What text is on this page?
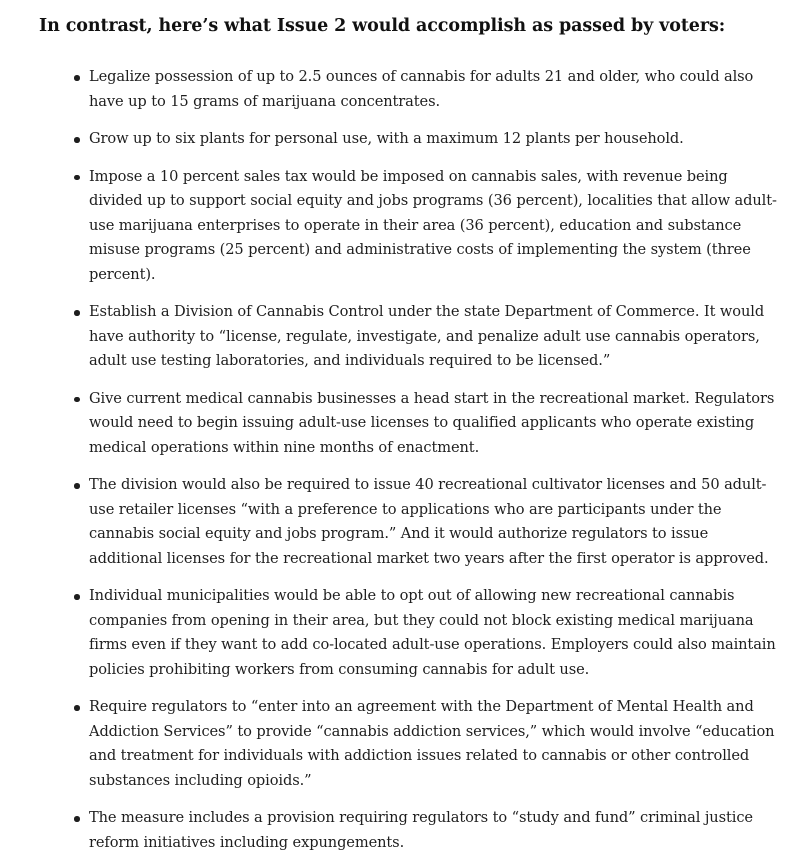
In contrast, here’s what Issue 2 would accomplish as passed by voters:
Legalize possession of up to 2.5 ounces of cannabis for adults 21 and older, who could also have up to 15 grams of marijuana concentrates.
Grow up to six plants for personal use, with a maximum 12 plants per household.
Impose a 10 percent sales tax would be imposed on cannabis sales, with revenue being divided up to support social equity and jobs programs (36 percent), localities that allow adult-use marijuana enterprises to operate in their area (36 percent), education and substance misuse programs (25 percent) and administrative costs of implementing the system (three percent).
Establish a Division of Cannabis Control under the state Department of Commerce. It would have authority to “license, regulate, investigate, and penalize adult use cannabis operators, adult use testing laboratories, and individuals required to be licensed.”
Give current medical cannabis businesses a head start in the recreational market. Regulators would need to begin issuing adult-use licenses to qualified applicants who operate existing medical operations within nine months of enactment.
The division would also be required to issue 40 recreational cultivator licenses and 50 adult-use retailer licenses “with a preference to applications who are participants under the cannabis social equity and jobs program.” And it would authorize regulators to issue additional licenses for the recreational market two years after the first operator is approved.
Individual municipalities would be able to opt out of allowing new recreational cannabis companies from opening in their area, but they could not block existing medical marijuana firms even if they want to add co-located adult-use operations. Employers could also maintain policies prohibiting workers from consuming cannabis for adult use.
Require regulators to “enter into an agreement with the Department of Mental Health and Addiction Services” to provide “cannabis addiction services,” which would involve “education and treatment for individuals with addiction issues related to cannabis or other controlled substances including opioids.”
The measure includes a provision requiring regulators to “study and fund” criminal justice reform initiatives including expungements.
